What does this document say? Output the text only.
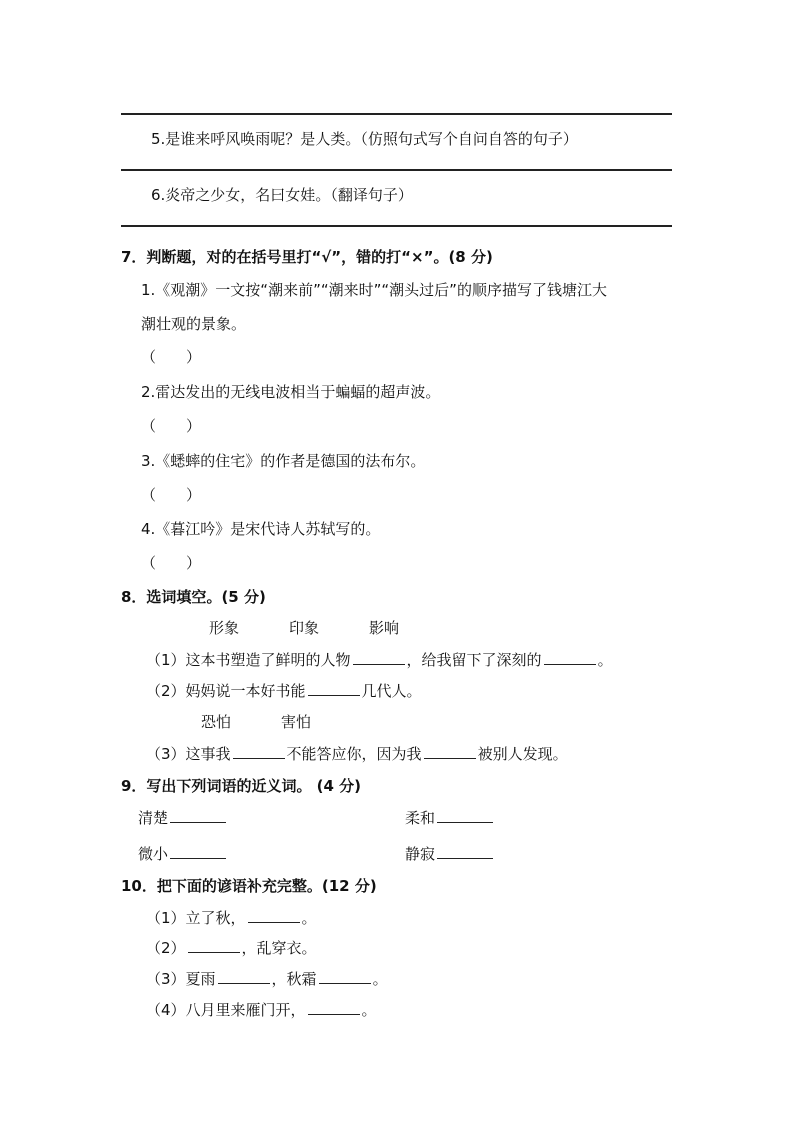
5.是谁来呼风唤雨呢？是人类。（仿照句式写个自问自答的句子）
6.炎帝之少女，名曰女娃。（翻译句子）
7．判断题，对的在括号里打“√”，错的打“×”。(8 分)
1.《观潮》一文按“潮来前”“潮来时”“潮头过后”的顺序描写了钱塘江大
潮壮观的景象。
（　　）
2.雷达发出的无线电波相当于蝙蝠的超声波。
（　　）
3.《蟋蟀的住宅》的作者是德国的法布尔。
（　　）
4.《暮江吟》是宋代诗人苏轼写的。
（　　）
8．选词填空。(5 分)
形象	印象	影响
（1）这本书塑造了鲜明的人物	，给我留下了深刻的	。
（2）妈妈说一本好书能	几代人。
恐怕	害怕
（3）这事我	不能答应你，因为我	被别人发现。
9．写出下列词语的近义词。 (4 分)
清楚	柔和
微小	静寂
10．把下面的谚语补充完整。(12 分)
（1）立了秋，	。
（2）	，乱穿衣。
（3）夏雨	，秋霜	。
（4）八月里来雁门开，	。
